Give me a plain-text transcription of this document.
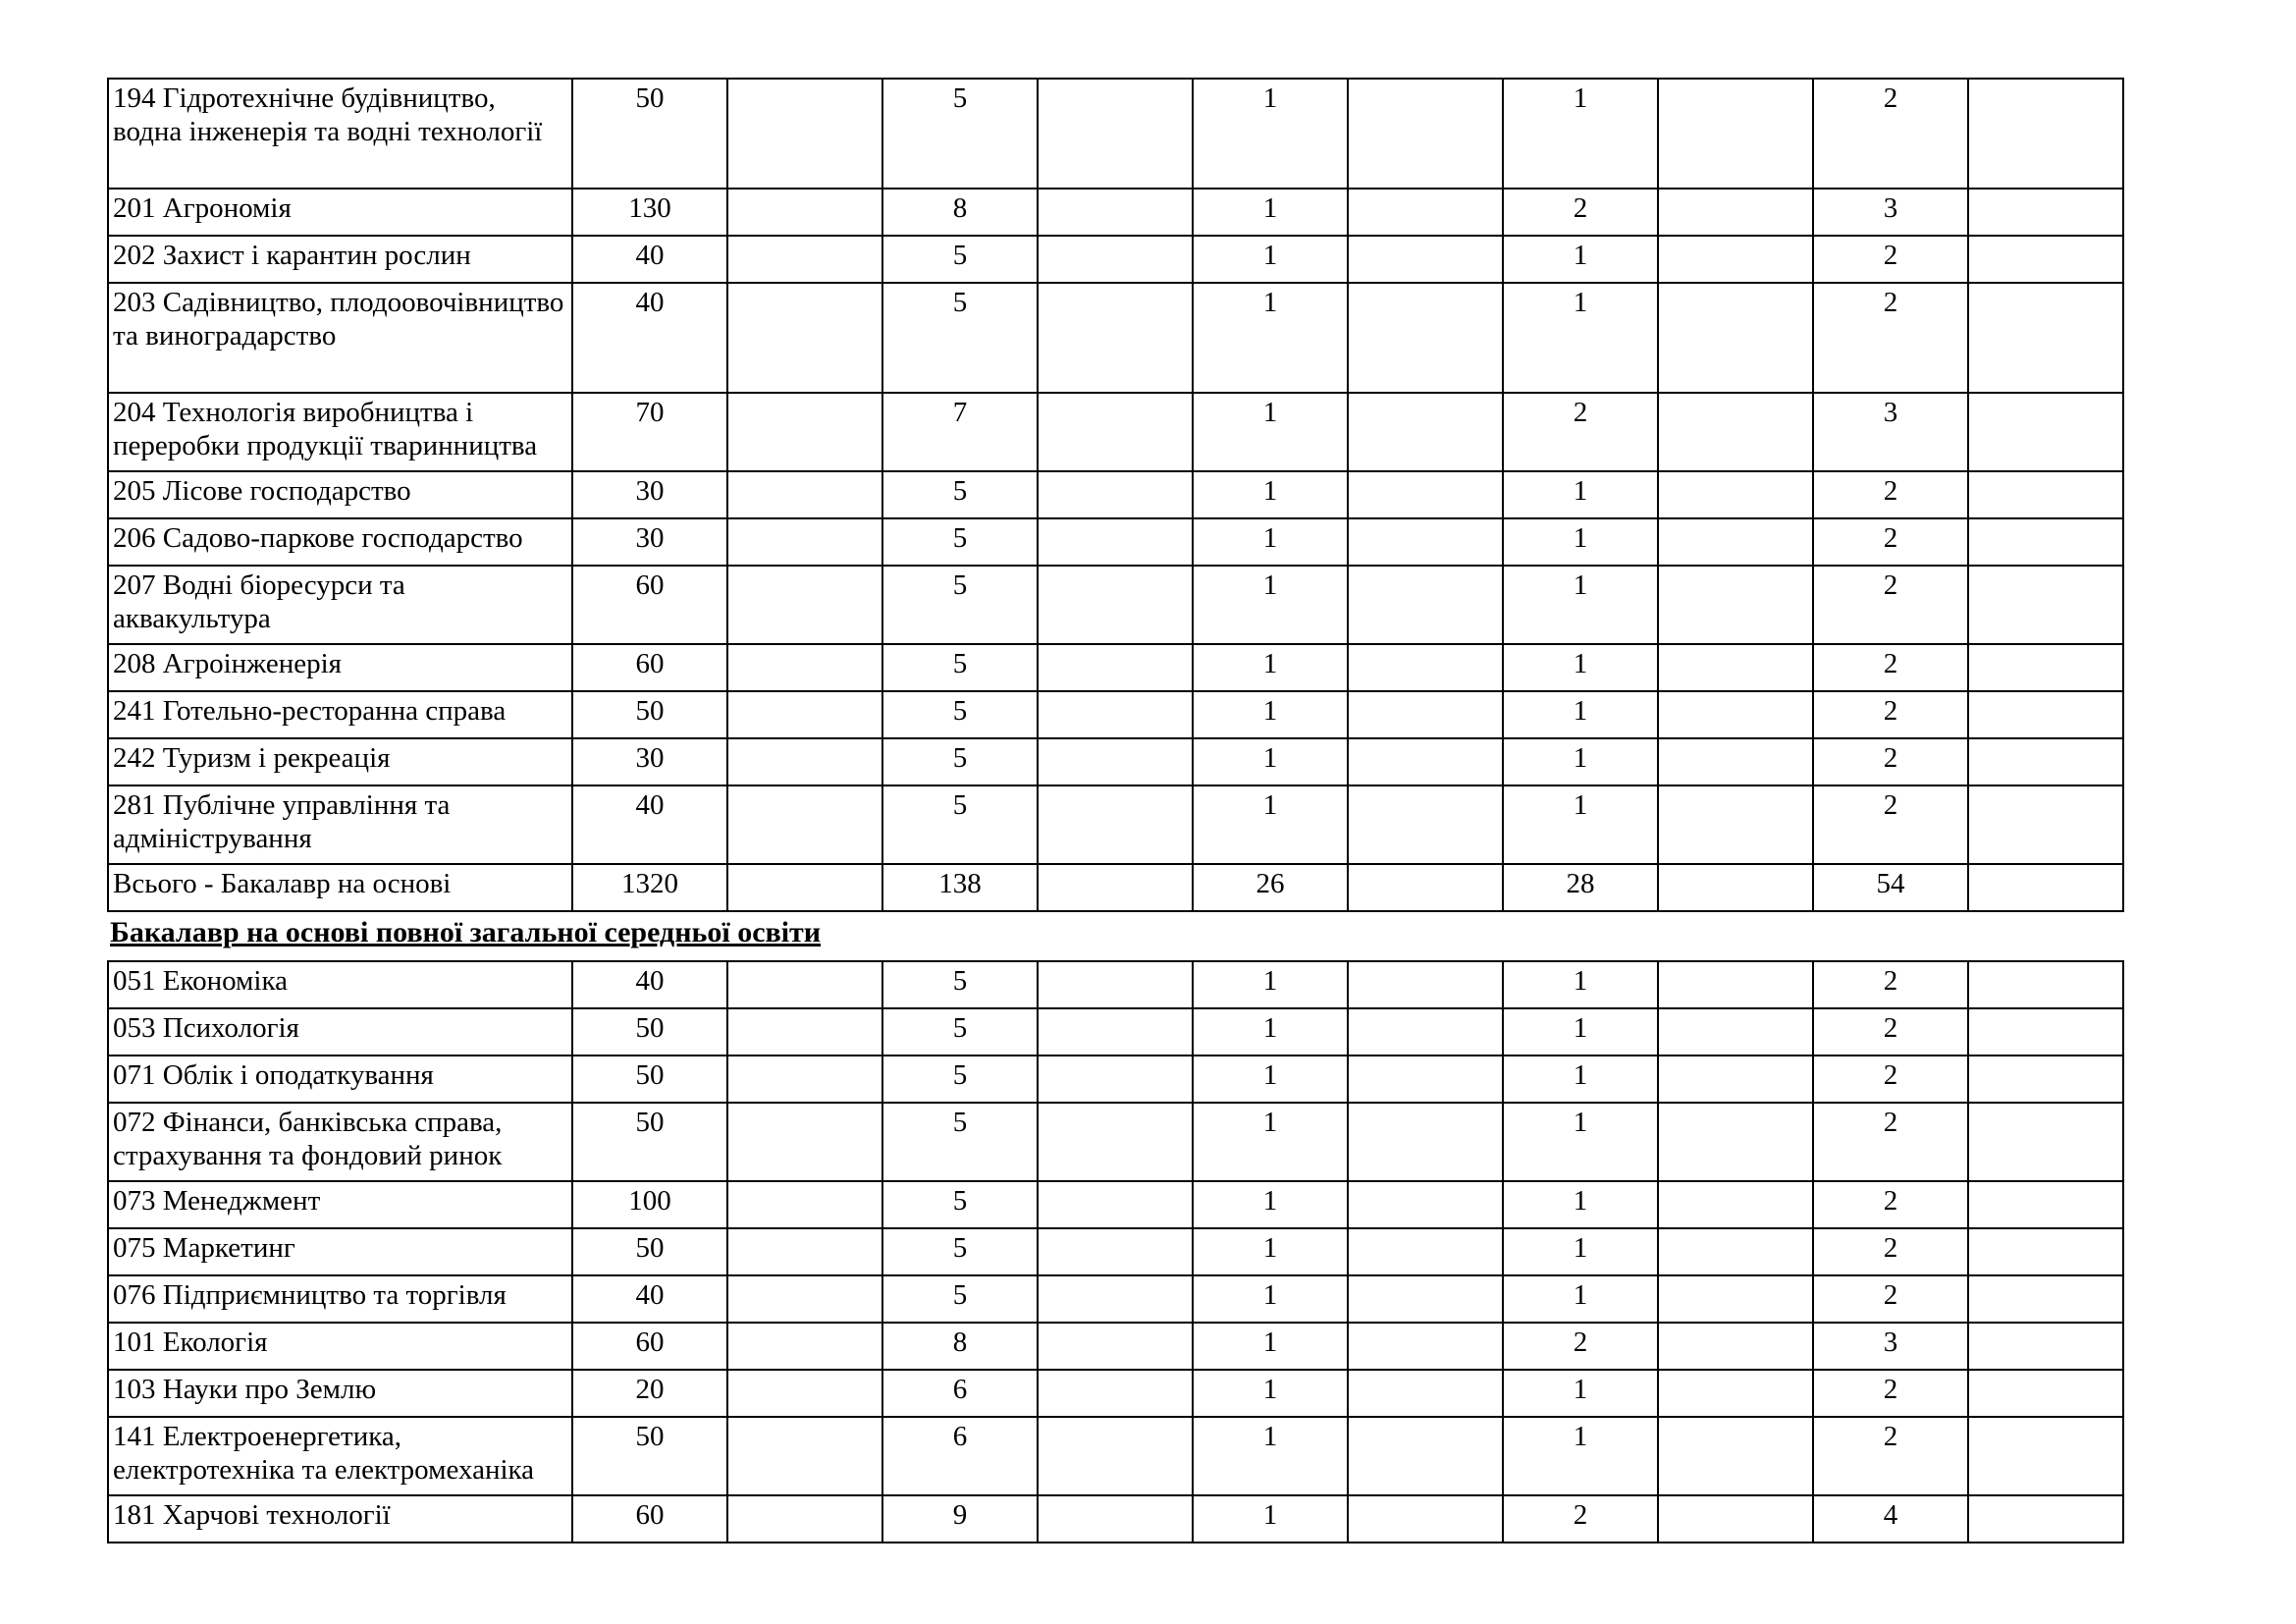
194 Гідротехнічне будівництво, водна інженерія та водні технології	50		5		1		1		2	
201 Агрономія	130		8		1		2		3	
202 Захист і карантин рослин	40		5		1		1		2	
203 Садівництво, плодоовочівництво та виноградарство	40		5		1		1		2	
204 Технологія виробництва і переробки продукції тваринництва	70		7		1		2		3	
205 Лісове господарство	30		5		1		1		2	
206 Садово-паркове господарство	30		5		1		1		2	
207 Водні біоресурси та аквакультура	60		5		1		1		2	
208 Агроінженерія	60		5		1		1		2	
241 Готельно-ресторанна справа	50		5		1		1		2	
242 Туризм і рекреація	30		5		1		1		2	
281 Публічне управління та адміністрування	40		5		1		1		2	
Всього - Бакалавр на основі	1320		138		26		28		54	
Бакалавр на основі повної загальної середньої освіти
051 Економіка	40		5		1		1		2	
053 Психологія	50		5		1		1		2	
071 Облік і оподаткування	50		5		1		1		2	
072 Фінанси, банківська справа, страхування та фондовий ринок	50		5		1		1		2	
073 Менеджмент	100		5		1		1		2	
075 Маркетинг	50		5		1		1		2	
076 Підприємництво та торгівля	40		5		1		1		2	
101 Екологія	60		8		1		2		3	
103 Науки про Землю	20		6		1		1		2	
141 Електроенергетика, електротехніка та електромеханіка	50		6		1		1		2	
181 Харчові технології	60		9		1		2		4	
